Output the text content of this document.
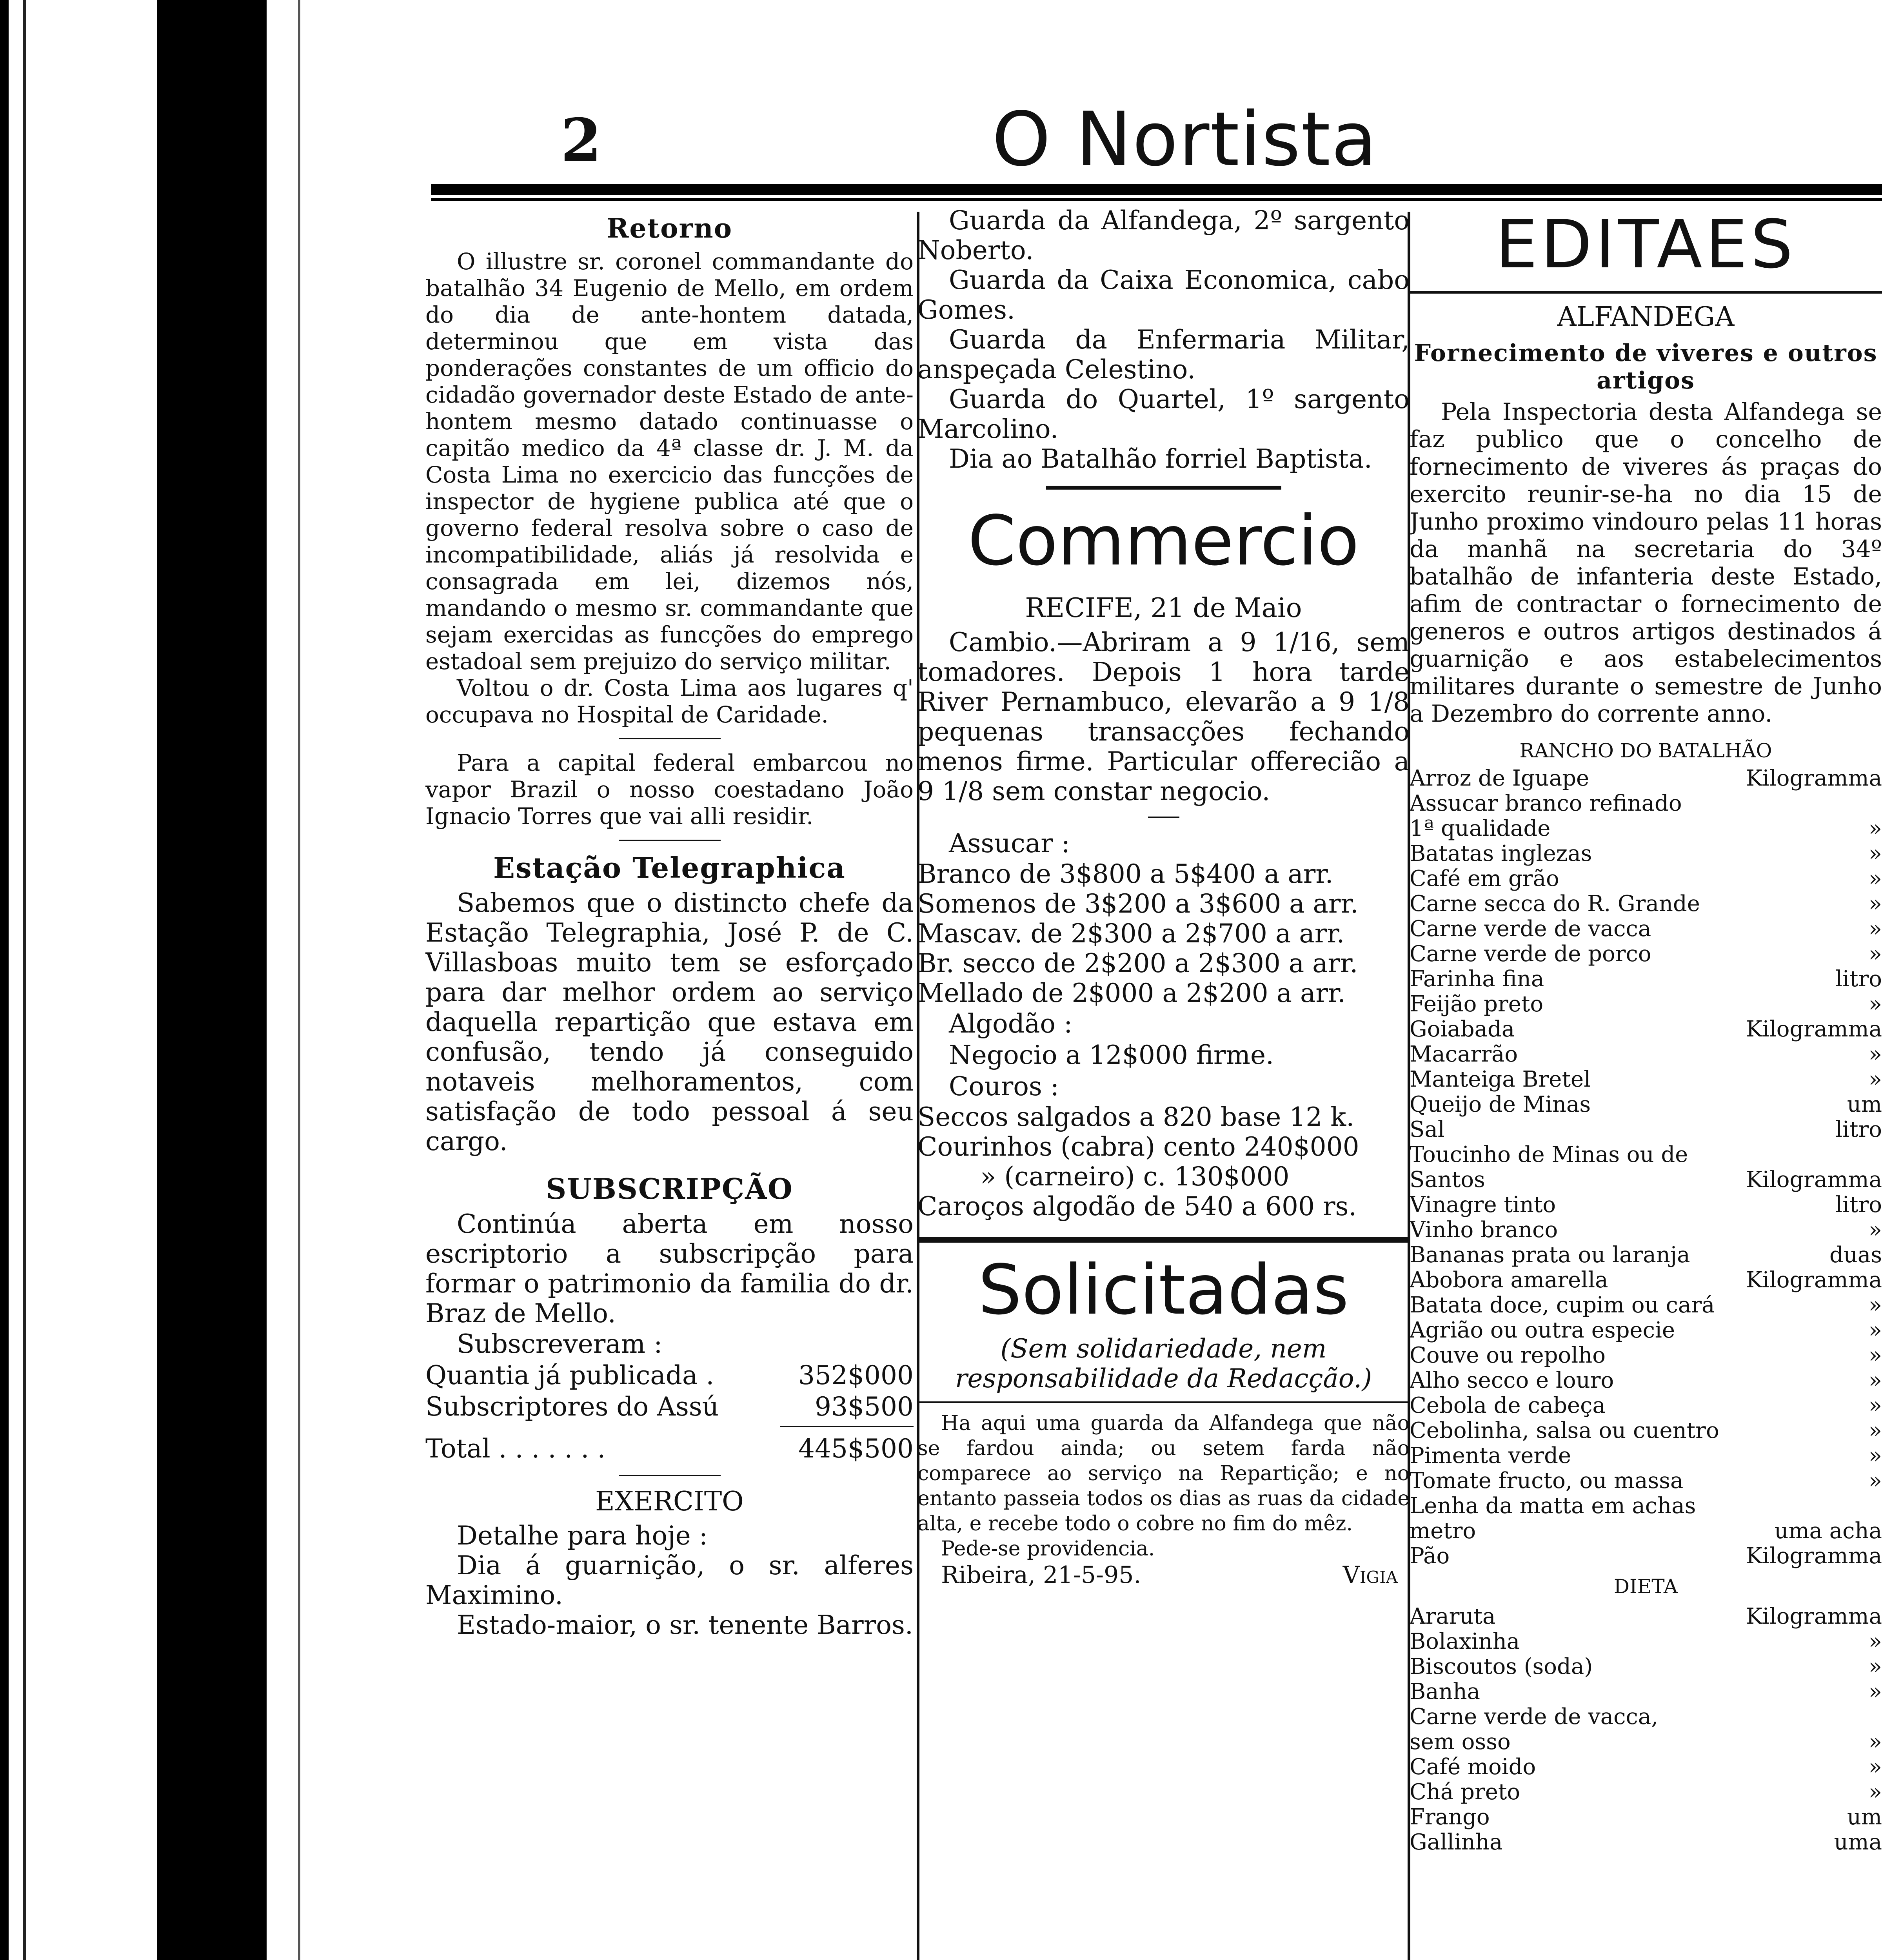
2	O Nortista
Retorno

O illustre sr. coronel commandante do batalhão 34 Eugenio de Mello, em ordem do dia de ante-hontem datada, determinou que em vista das ponderações constantes de um officio do cidadão governador deste Estado de ante-hontem mesmo datado continuasse o capitão medico da 4ª classe dr. J. M. da Costa Lima no exercicio das funcções de inspector de hygiene publica até que o governo federal resolva sobre o caso de incompatibilidade, aliás já resolvida e consagrada em lei, dizemos nós, mandando o mesmo sr. commandante que sejam exercidas as funcções do emprego estadoal sem prejuizo do serviço militar.

Voltou o dr. Costa Lima aos lugares q' occupava no Hospital de Caridade.

Para a capital federal embarcou no vapor Brazil o nosso coestadano João Ignacio Torres que vai alli residir.

Estação Telegraphica

Sabemos que o distincto chefe da Estação Telegraphia, José P. de C. Villasboas muito tem se esforçado para dar melhor ordem ao serviço daquella repartição que estava em confusão, tendo já conseguido notaveis melhoramentos, com satisfação de todo pessoal á seu cargo.

SUBSCRIPÇÃO

Continúa aberta em nosso escriptorio a subscripção para formar o patrimonio da familia do dr. Braz de Mello.

Subscreveram :
Quantia já publicada .	352$000
Subscriptores do Assú	93$500
Total . . . . . . .	445$500
EXERCITO

Detalhe para hoje :

Dia á guarnição, o sr. alferes Maximino.

Estado-maior, o sr. tenente Barros.

Guarda da Alfandega, 2º sargento Noberto.

Guarda da Caixa Economica, cabo Gomes.

Guarda da Enfermaria Militar, anspeçada Celestino.

Guarda do Quartel, 1º sargento Marcolino.

Dia ao Batalhão forriel Baptista.

Commercio
RECIFE, 21 de Maio

Cambio.—Abriram a 9 1/16, sem tomadores. Depois 1 hora tarde River Pernambuco, elevarão a 9 1/8 pequenas transacções fechando menos firme. Particular offerecião a 9 1/8 sem constar negocio.

Assucar :
Branco de 3$800 a 5$400 a arr.
Somenos de 3$200 a 3$600 a arr.
Mascav. de 2$300 a 2$700 a arr.
Br. secco de 2$200 a 2$300 a arr.
Mellado de 2$000 a 2$200 a arr.
Algodão :
Negocio a 12$000 firme.
Couros :
Seccos salgados a 820 base 12 k.
Courinhos (cabra) cento 240$000
» (carneiro) c. 130$000
Caroços algodão de 540 a 600 rs.
Solicitadas
(Sem solidariedade, nem responsabilidade da Redacção.)

Ha aqui uma guarda da Alfandega que não se fardou ainda; ou setem farda não comparece ao serviço na Repartição; e no entanto passeia todos os dias as ruas da cidade alta, e recebe todo o cobre no fim do mêz.

Pede-se providencia.

Ribeira, 21-5-95.	Vigia
EDITAES
ALFANDEGA
Fornecimento de viveres e outros artigos

Pela Inspectoria desta Alfandega se faz publico que o concelho de fornecimento de viveres ás praças do exercito reunir-se-ha no dia 15 de Junho proximo vindouro pelas 11 horas da manhã na secretaria do 34º batalhão de infanteria deste Estado, afim de contractar o fornecimento de generos e outros artigos destinados á guarnição e aos estabelecimentos militares durante o semestre de Junho a Dezembro do corrente anno.

RANCHO DO BATALHÃO
Arroz de Iguape	Kilogramma
Assucar branco refinado
1ª qualidade	»
Batatas inglezas	»
Café em grão	»
Carne secca do R. Grande	»
Carne verde de vacca	»
Carne verde de porco	»
Farinha fina	litro
Feijão preto	»
Goiabada	Kilogramma
Macarrão	»
Manteiga Bretel	»
Queijo de Minas	um
Sal	litro
Toucinho de Minas ou de
Santos	Kilogramma
Vinagre tinto	litro
Vinho branco	»
Bananas prata ou laranja	duas
Abobora amarella	Kilogramma
Batata doce, cupim ou cará	»
Agrião ou outra especie	»
Couve ou repolho	»
Alho secco e louro	»
Cebola de cabeça	»
Cebolinha, salsa ou cuentro	»
Pimenta verde	»
Tomate fructo, ou massa	»
Lenha da matta em achas
metro	uma acha
Pão	Kilogramma
DIETA
Araruta	Kilogramma
Bolaxinha	»
Biscoutos (soda)	»
Banha	»
Carne verde de vacca,
sem osso	»
Café moido	»
Chá preto	»
Frango	um
Gallinha	uma
